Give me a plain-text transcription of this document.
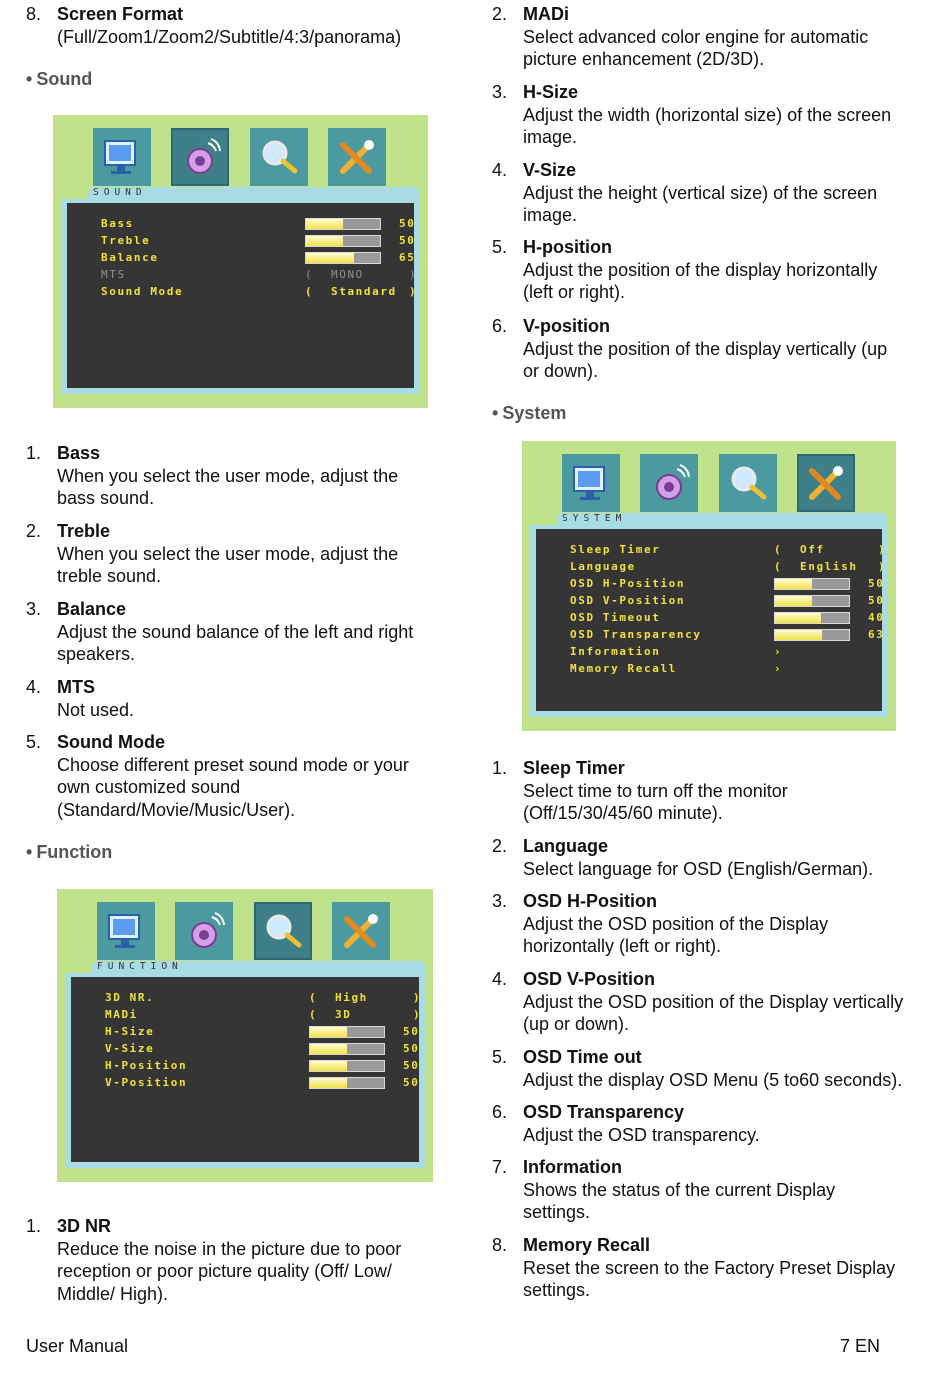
8. Screen Format
(Full/Zoom1/Zoom2/Subtitle/4:3/panorama)
• Sound
SOUND
Bass	50
Treble	50
Balance	65
MTS	( MONO	)
Sound Mode	( Standard )
1. Bass
When you select the user mode, adjust the
bass sound.
2. Treble
When you select the user mode, adjust the
treble sound.
3. Balance
Adjust the sound balance of the left and right
speakers.
4. MTS
Not used.
5. Sound Mode
Choose different preset sound mode or your
own customized sound
(Standard/Movie/Music/User).
• Function
FUNCTION
3D NR.	( High	)
MADi	( 3D	)
H-Size	50
V-Size	50
H-Position	50
V-Position	50
1. 3D NR
Reduce the noise in the picture due to poor
reception or poor picture quality (Off/ Low/
Middle/ High).
2. MADi
Select advanced color engine for automatic
picture enhancement (2D/3D).
3. H-Size
Adjust the width (horizontal size) of the screen
image.
4. V-Size
Adjust the height (vertical size) of the screen
image.
5. H-position
Adjust the position of the display horizontally
(left or right).
6. V-position
Adjust the position of the display vertically (up
or down).
• System
SYSTEM
Sleep Timer	( Off	)
Language	( English )
OSD H-Position	50
OSD V-Position	50
OSD Timeout	40
OSD Transparency	63
Information	›
Memory Recall	›
1. Sleep Timer
Select time to turn off the monitor
(Off/15/30/45/60 minute).
2. Language
Select language for OSD (English/German).
3. OSD H-Position
Adjust the OSD position of the Display
horizontally (left or right).
4. OSD V-Position
Adjust the OSD position of the Display vertically
(up or down).
5. OSD Time out
Adjust the display OSD Menu (5 to60 seconds).
6. OSD Transparency
Adjust the OSD transparency.
7. Information
Shows the status of the current Display
settings.
8. Memory Recall
Reset the screen to the Factory Preset Display
settings.
User Manual	7 EN
